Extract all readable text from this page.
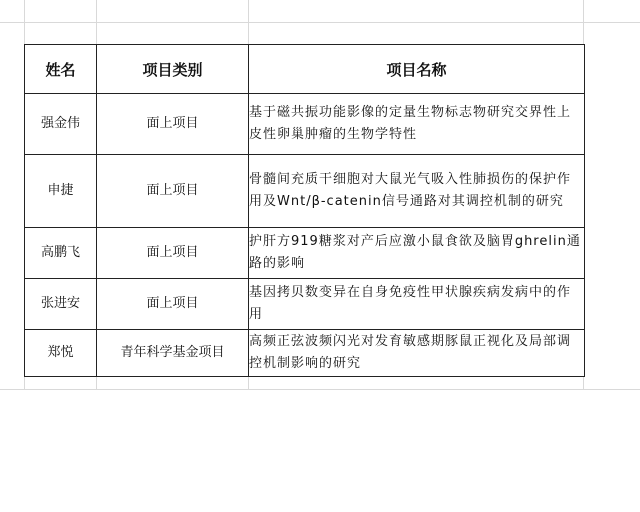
姓名	项目类别	项目名称
强金伟	面上项目	基于磁共振功能影像的定量生物标志物研究交界性上皮性卵巢肿瘤的生物学特性
申捷	面上项目	骨髓间充质干细胞对大鼠光气吸入性肺损伤的保护作用及Wnt/β-catenin信号通路对其调控机制的研究
高鹏飞	面上项目	护肝方919糖浆对产后应激小鼠食欲及脑胃ghrelin通路的影响
张进安	面上项目	基因拷贝数变异在自身免疫性甲状腺疾病发病中的作用
郑悦	青年科学基金项目	高频正弦波频闪光对发育敏感期豚鼠正视化及局部调控机制影响的研究
